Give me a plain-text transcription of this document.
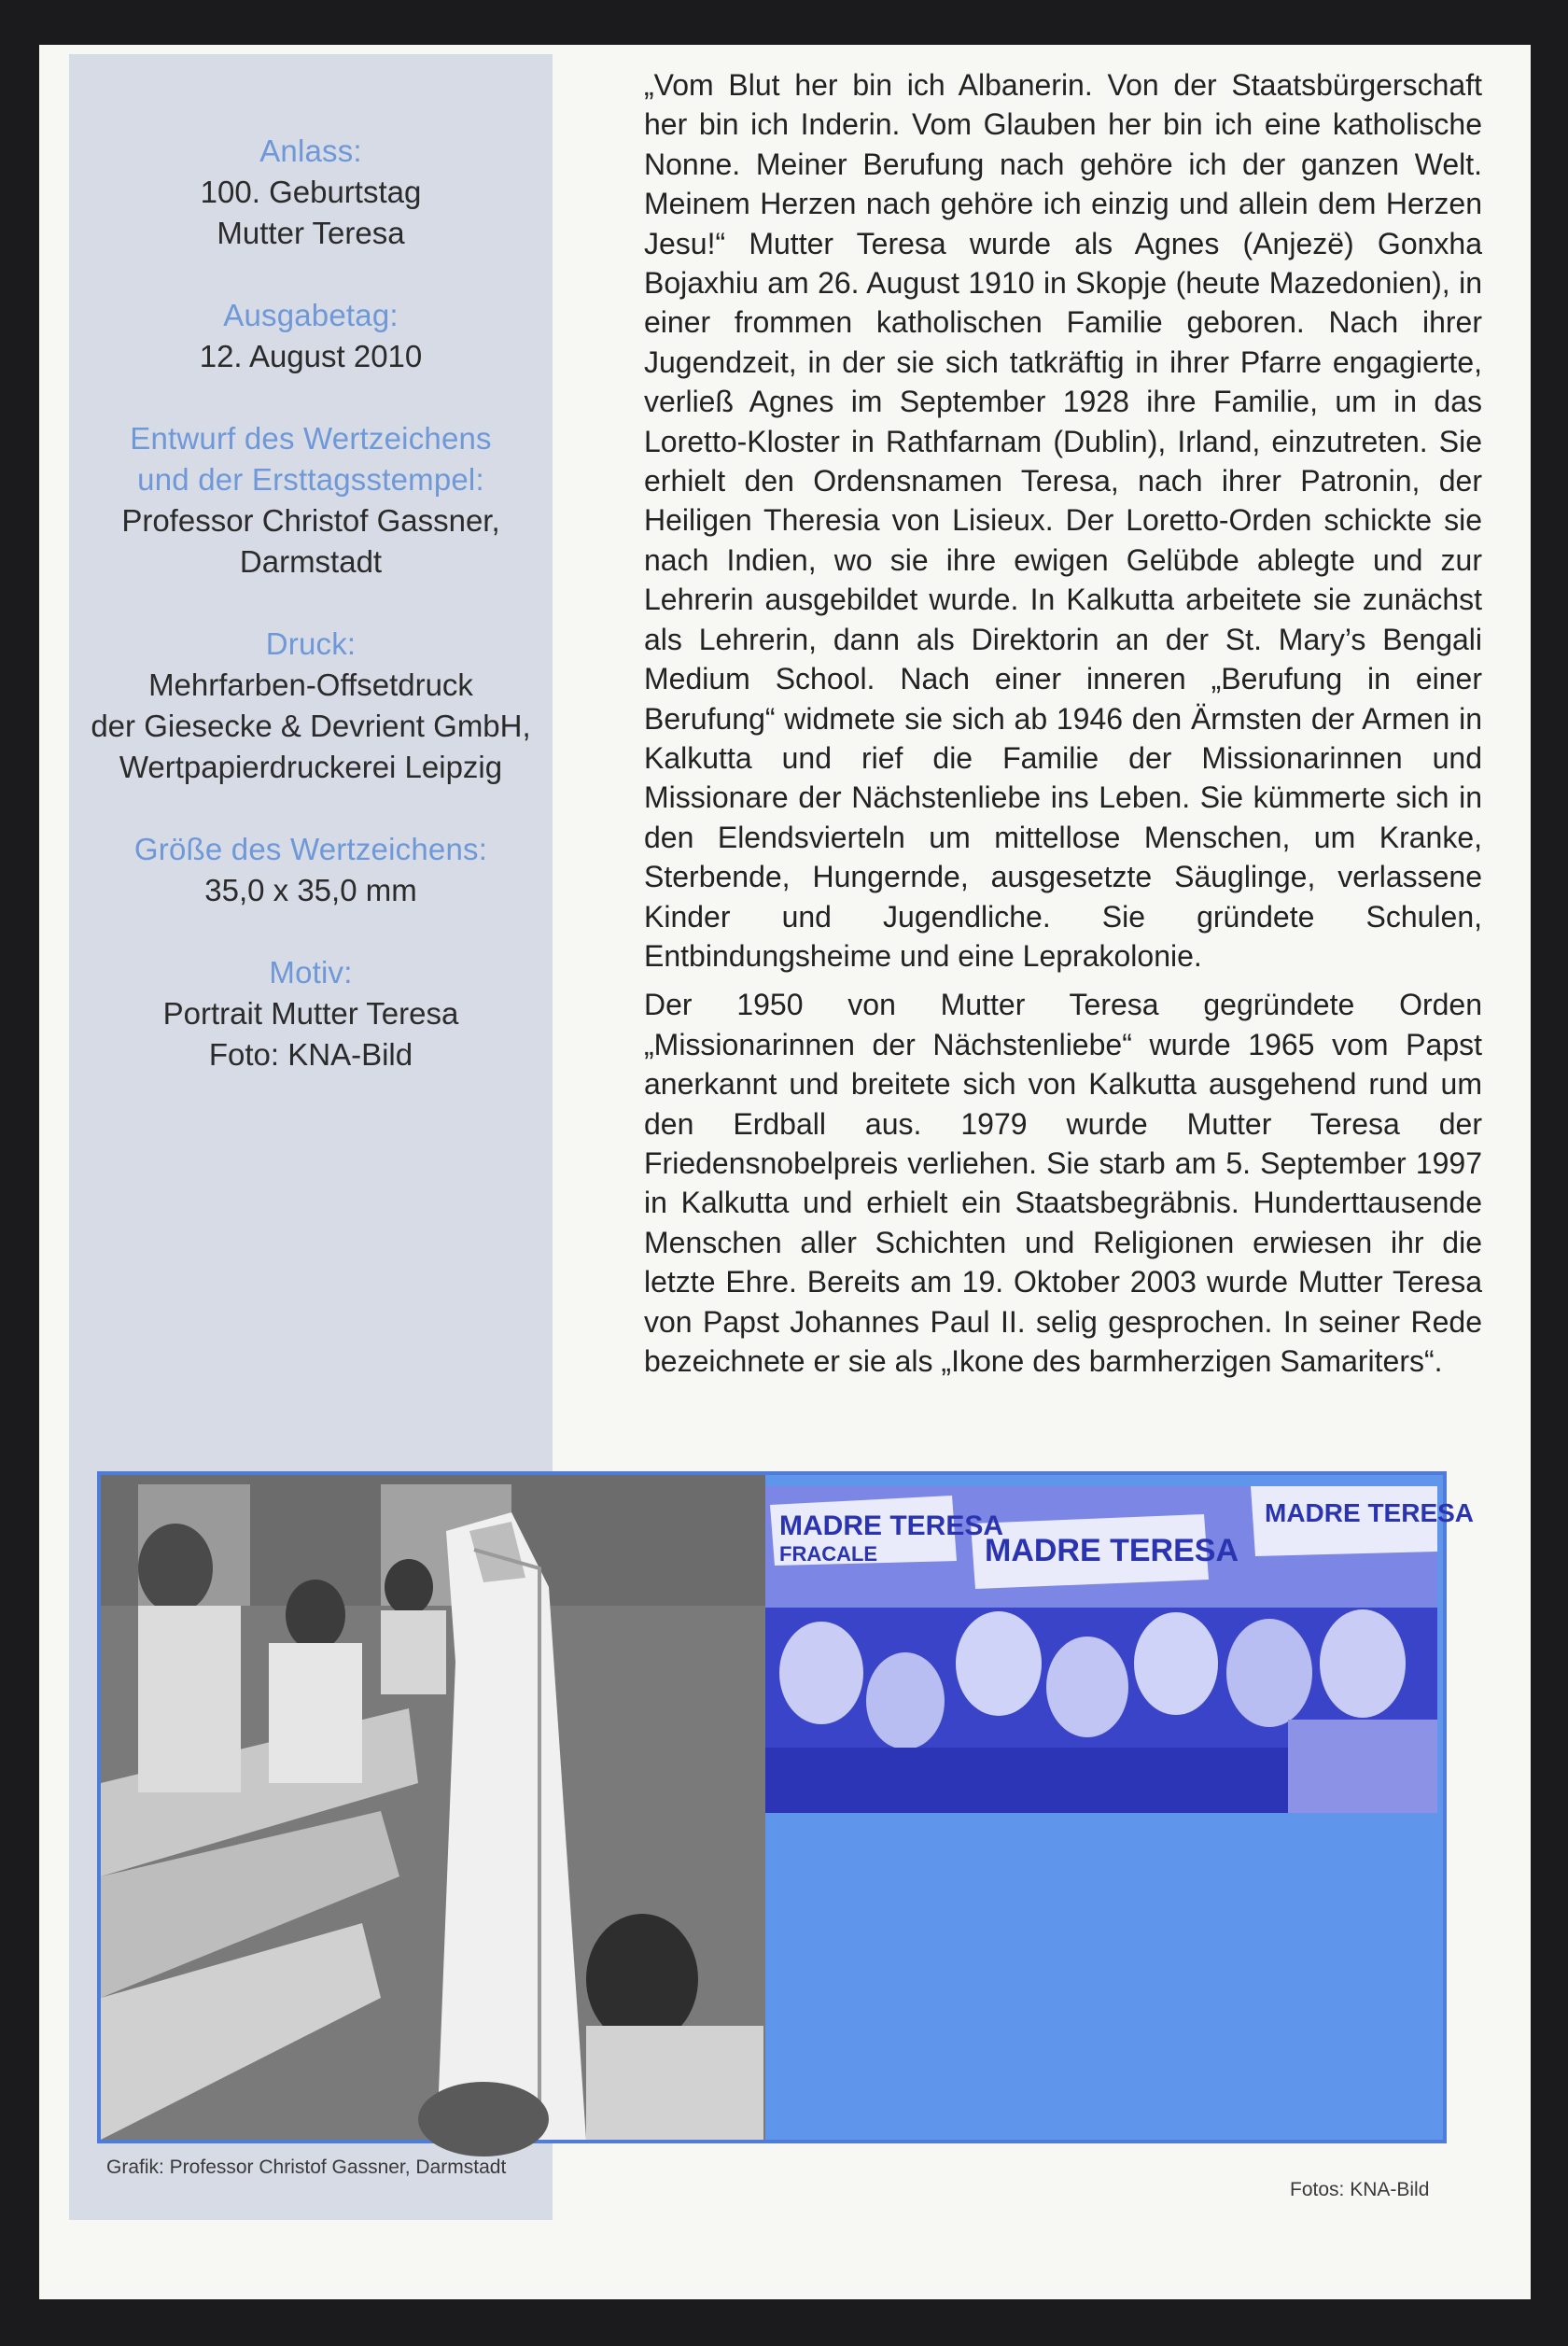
Anlass:
100. Geburtstag
Mutter Teresa
Ausgabetag:
12. August 2010
Entwurf des Wertzeichens
und der Ersttagsstempel:
Professor Christof Gassner,
Darmstadt
Druck:
Mehrfarben-Offsetdruck
der Giesecke & Devrient GmbH,
Wertpapierdruckerei Leipzig
Größe des Wertzeichens:
35,0 x 35,0 mm
Motiv:
Portrait Mutter Teresa
Foto: KNA-Bild

„Vom Blut her bin ich Albanerin. Von der Staatsbürgerschaft her bin ich Inderin. Vom Glauben her bin ich eine katholische Nonne. Meiner Berufung nach gehöre ich der ganzen Welt. Meinem Herzen nach gehöre ich einzig und allein dem Herzen Jesu!“ Mutter Teresa wurde als Agnes (Anjezë) Gonxha Bojaxhiu am 26. August 1910 in Skopje (heute Mazedonien), in einer frommen katholischen Familie geboren. Nach ihrer Jugendzeit, in der sie sich tatkräftig in ihrer Pfarre engagierte, verließ Agnes im September 1928 ihre Familie, um in das Loretto-Kloster in Rathfarnam (Dublin), Irland, einzutreten. Sie erhielt den Ordensnamen Teresa, nach ihrer Patronin, der Heiligen Theresia von Lisieux. Der Loretto-Orden schickte sie nach Indien, wo sie ihre ewigen Gelübde ablegte und zur Lehrerin ausgebildet wurde. In Kalkutta arbeitete sie zunächst als Lehrerin, dann als Direktorin an der St. Mary’s Bengali Medium School. Nach einer inneren „Berufung in einer Berufung“ widmete sie sich ab 1946 den Ärmsten der Armen in Kalkutta und rief die Familie der Missionarinnen und Missionare der Nächstenliebe ins Leben. Sie kümmerte sich in den Elendsvierteln um mittellose Menschen, um Kranke, Sterbende, Hungernde, ausgesetzte Säuglinge, verlassene Kinder und Jugendliche. Sie gründete Schulen, Entbindungsheime und eine Leprakolonie.

Der 1950 von Mutter Teresa gegründete Orden „Missionarinnen der Nächstenliebe“ wurde 1965 vom Papst anerkannt und breitete sich von Kalkutta ausgehend rund um den Erdball aus. 1979 wurde Mutter Teresa der Friedensnobelpreis verliehen. Sie starb am 5. September 1997 in Kalkutta und erhielt ein Staatsbegräbnis. Hunderttausende Menschen aller Schichten und Religionen erwiesen ihr die letzte Ehre. Bereits am 19. Oktober 2003 wurde Mutter Teresa von Papst Johannes Paul II. selig gesprochen. In seiner Rede bezeichnete er sie als „Ikone des barmherzigen Samariters“.

MADRE TERESA
FRACALE	MADRE TERESA
MADRE TERESA
Grafik: Professor Christof Gassner, Darmstadt
Fotos: KNA-Bild
